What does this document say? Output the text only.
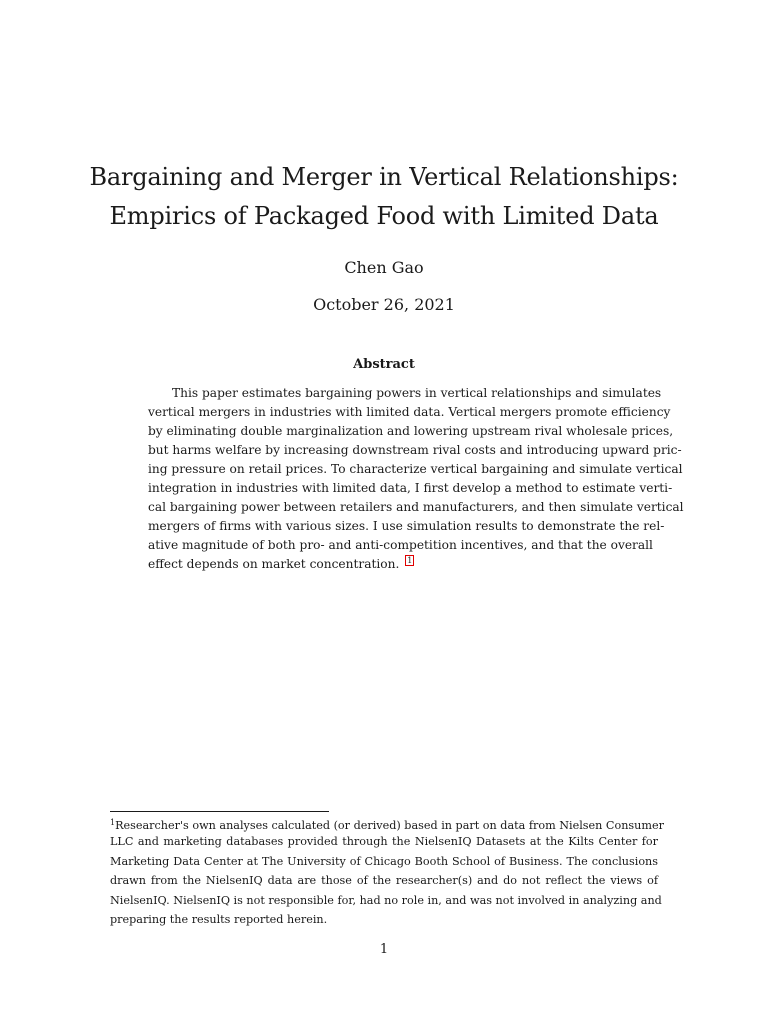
Bargaining and Merger in Vertical Relationships:
Empirics of Packaged Food with Limited Data
Chen Gao
October 26, 2021
Abstract
This paper estimates bargaining powers in vertical relationships and simulates
vertical mergers in industries with limited data. Vertical mergers promote efficiency
by eliminating double marginalization and lowering upstream rival wholesale prices,
but harms welfare by increasing downstream rival costs and introducing upward pric-
ing pressure on retail prices. To characterize vertical bargaining and simulate vertical
integration in industries with limited data, I first develop a method to estimate verti-
cal bargaining power between retailers and manufacturers, and then simulate vertical
mergers of firms with various sizes. I use simulation results to demonstrate the rel-
ative magnitude of both pro- and anti-competition incentives, and that the overall
effect depends on market concentration. 1
$^1$Researcher's own analyses calculated (or derived) based in part on data from Nielsen Consumer
LLC and marketing databases provided through the NielsenIQ Datasets at the Kilts Center for
Marketing Data Center at The University of Chicago Booth School of Business. The conclusions
drawn from the NielsenIQ data are those of the researcher(s) and do not reflect the views of
NielsenIQ. NielsenIQ is not responsible for, had no role in, and was not involved in analyzing and
preparing the results reported herein.
1
